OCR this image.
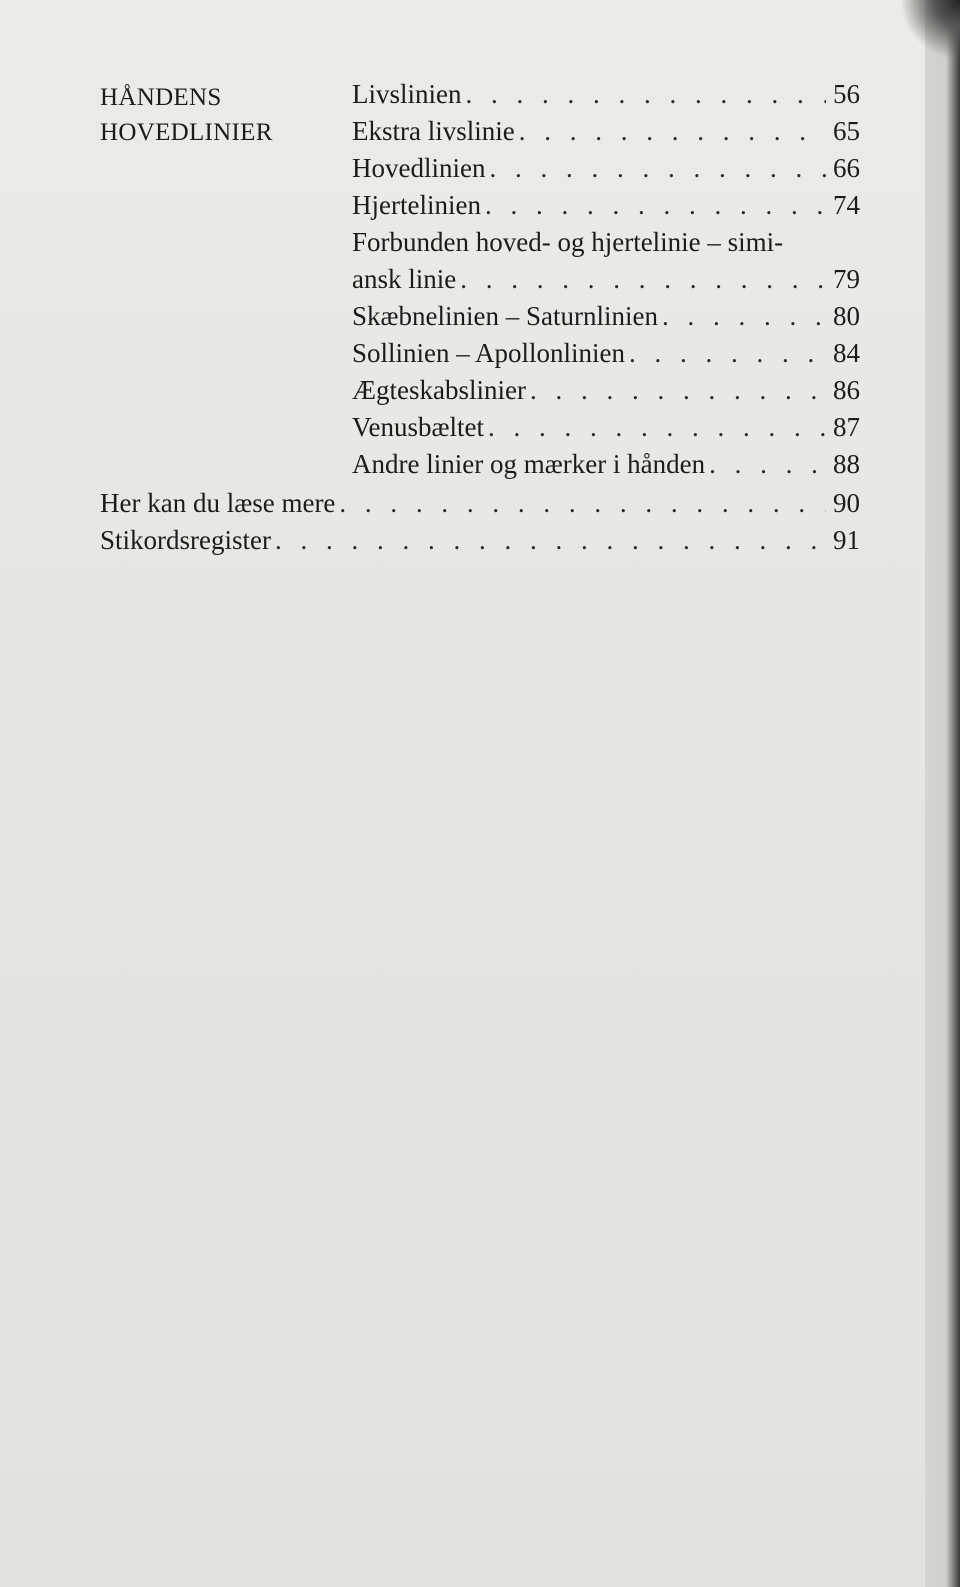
HÅNDENS
HOVEDLINIER
Livslinien . . .	56
Ekstra livslinie . . .	65
Hovedlinien . . .	66
Hjertelinien . . .	74
Forbunden hoved- og hjertelinie – simi-
ansk linie . . .	79
Skæbnelinien – Saturnlinien . . .	80
Sollinien – Apollonlinien . . .	84
Ægteskabslinier . . .	86
Venusbæltet . . .	87
Andre linier og mærker i hånden . . .	88
Her kan du læse mere . . .	90
Stikordsregister . . .	91
